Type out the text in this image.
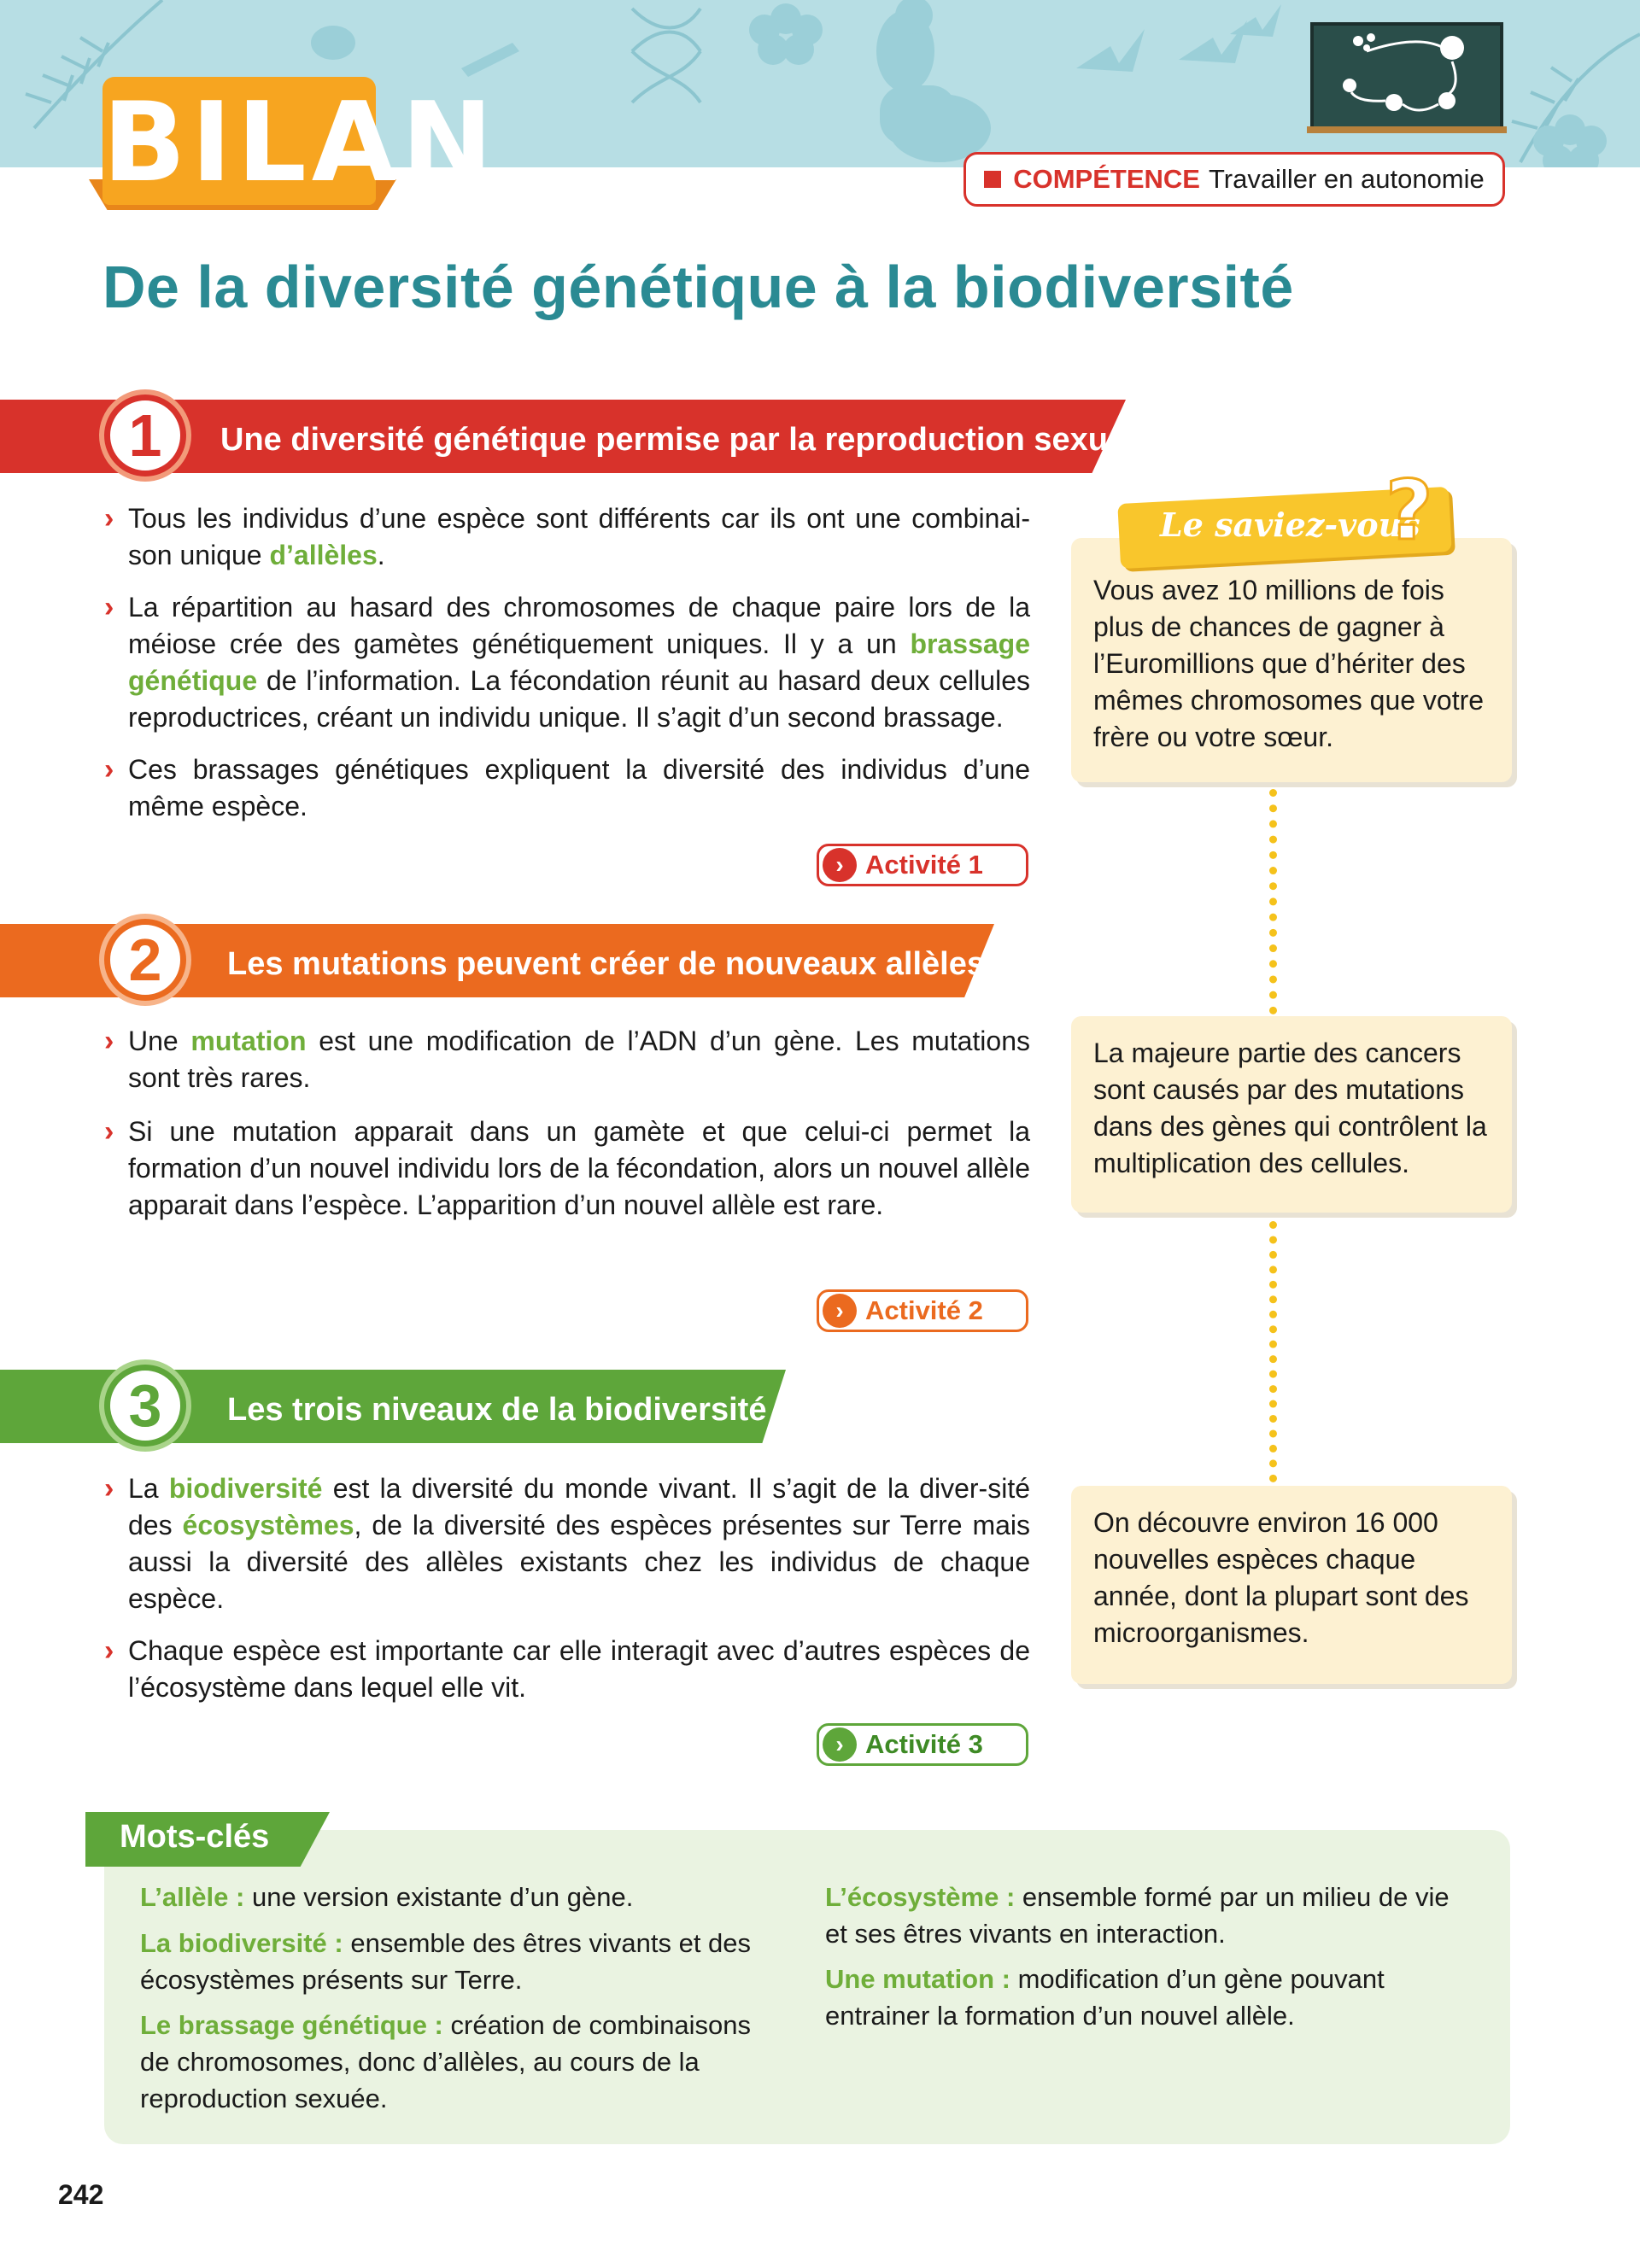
BILAN	COMPÉTENCE Travailler en autonomie
De la diversité génétique à la biodiversité
1	Une diversité génétique permise par la reproduction sexuée
› Tous les individus d’une espèce sont différents car ils ont une combinai-son unique d’allèles.
› La répartition au hasard des chromosomes de chaque paire lors de la méiose crée des gamètes génétiquement uniques. Il y a un brassage génétique de l’information. La fécondation réunit au hasard deux cellules reproductrices, créant un individu unique. Il s’agit d’un second brassage.
› Ces brassages génétiques expliquent la diversité des individus d’une même espèce.
› Activité 1
2	Les mutations peuvent créer de nouveaux allèles
› Une mutation est une modification de l’ADN d’un gène. Les mutations sont très rares.
› Si une mutation apparait dans un gamète et que celui-ci permet la formation d’un nouvel individu lors de la fécondation, alors un nouvel allèle apparait dans l’espèce. L’apparition d’un nouvel allèle est rare.
› Activité 2
3	Les trois niveaux de la biodiversité
› La biodiversité est la diversité du monde vivant. Il s’agit de la diver-sité des écosystèmes, de la diversité des espèces présentes sur Terre mais aussi la diversité des allèles existants chez les individus de chaque espèce.
› Chaque espèce est importante car elle interagit avec d’autres espèces de l’écosystème dans lequel elle vit.
› Activité 3
Vous avez 10 millions de fois plus de chances de gagner à l’Euromillions que d’hériter des mêmes chromosomes que votre frère ou votre sœur.
Le saviez-vous
?
La majeure partie des cancers sont causés par des mutations dans des gènes qui contrôlent la multiplication des cellules.
On découvre environ 16 000 nouvelles espèces chaque année, dont la plupart sont des microorganismes.
Mots-clés
L’allèle : une version existante d’un gène.
La biodiversité : ensemble des êtres vivants et des écosystèmes présents sur Terre.
Le brassage génétique : création de combinaisons de chromosomes, donc d’allèles, au cours de la reproduction sexuée.
L’écosystème : ensemble formé par un milieu de vie et ses êtres vivants en interaction.
Une mutation : modification d’un gène pouvant entrainer la formation d’un nouvel allèle.
242
